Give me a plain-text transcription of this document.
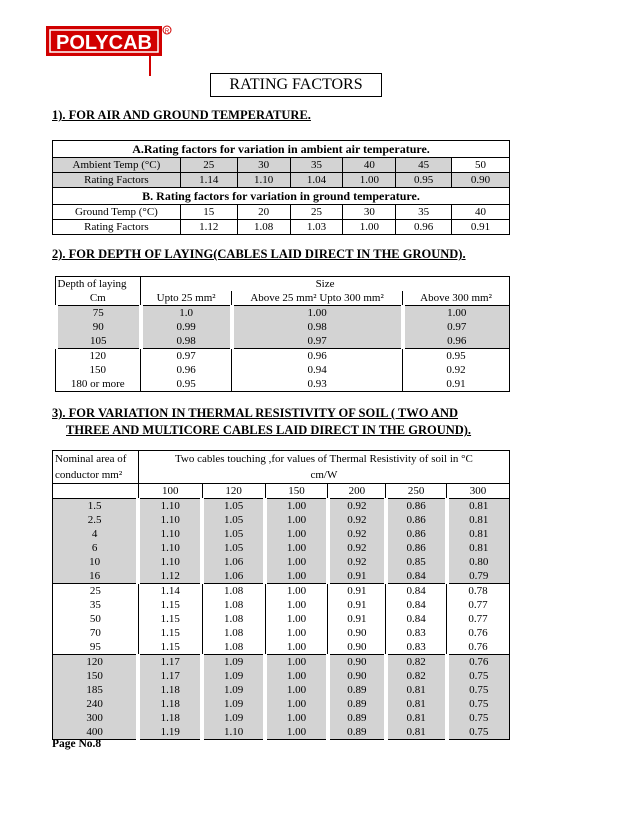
POLYCAB R
RATING FACTORS
1). FOR AIR AND GROUND TEMPERATURE.
A.Rating factors for variation in ambient air temperature.						
Ambient Temp (°C)	25	30	35	40	45	50
Rating Factors	1.14	1.10	1.04	1.00	0.95	0.90
B. Rating factors for variation in ground temperature.						
Ground Temp (°C)	15	20	25	30	35	40
Rating Factors	1.12	1.08	1.03	1.00	0.96	0.91
2). FOR DEPTH OF LAYING(CABLES LAID DIRECT IN THE GROUND).
Depth of laying	Size		
Cm	Upto 25 mm²	Above 25 mm² Upto 300 mm²	Above 300 mm²
75	1.0	1.00	1.00
90	0.99	0.98	0.97
105	0.98	0.97	0.96
120	0.97	0.96	0.95
150	0.96	0.94	0.92
180 or more	0.95	0.93	0.91
3). FOR VARIATION IN THERMAL RESISTIVITY OF SOIL ( TWO AND
THREE AND MULTICORE CABLES LAID DIRECT IN THE GROUND).
Nominal area of	Two cables touching ,for values of Thermal Resistivity of soil in °C					
conductor mm²	cm/W					
	100	120	150	200	250	300
1.5	1.10	1.05	1.00	0.92	0.86	0.81
2.5	1.10	1.05	1.00	0.92	0.86	0.81
4	1.10	1.05	1.00	0.92	0.86	0.81
6	1.10	1.05	1.00	0.92	0.86	0.81
10	1.10	1.06	1.00	0.92	0.85	0.80
16	1.12	1.06	1.00	0.91	0.84	0.79
25	1.14	1.08	1.00	0.91	0.84	0.78
35	1.15	1.08	1.00	0.91	0.84	0.77
50	1.15	1.08	1.00	0.91	0.84	0.77
70	1.15	1.08	1.00	0.90	0.83	0.76
95	1.15	1.08	1.00	0.90	0.83	0.76
120	1.17	1.09	1.00	0.90	0.82	0.76
150	1.17	1.09	1.00	0.90	0.82	0.75
185	1.18	1.09	1.00	0.89	0.81	0.75
240	1.18	1.09	1.00	0.89	0.81	0.75
300	1.18	1.09	1.00	0.89	0.81	0.75
400	1.19	1.10	1.00	0.89	0.81	0.75
Page No.8
